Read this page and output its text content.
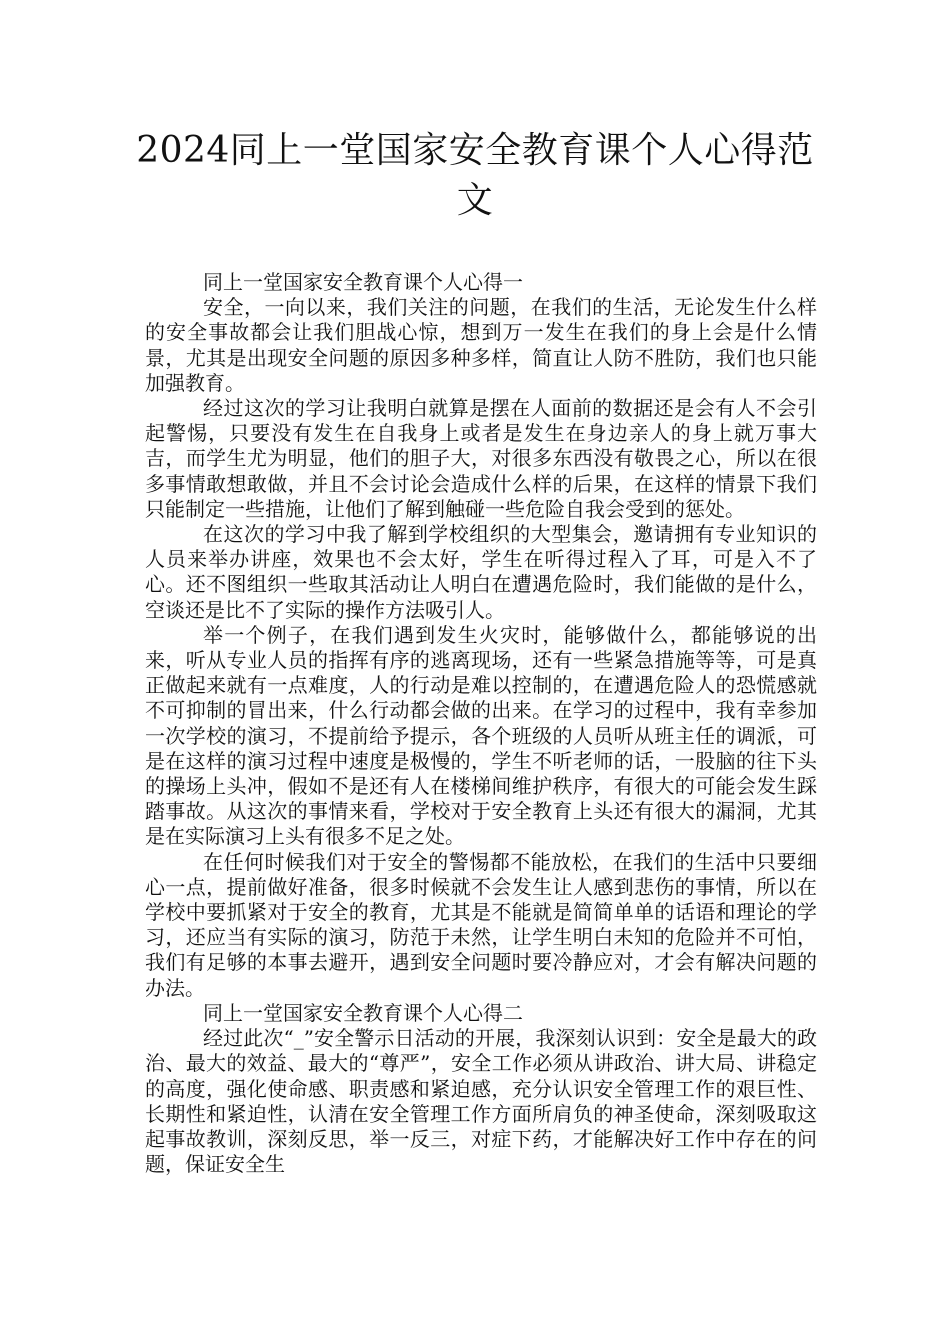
2024同上一堂国家安全教育课个人心得范文

同上一堂国家安全教育课个人心得一

安全，一向以来，我们关注的问题，在我们的生活，无论发生什么样的安全事故都会让我们胆战心惊，想到万一发生在我们的身上会是什么情景，尤其是出现安全问题的原因多种多样，简直让人防不胜防，我们也只能加强教育。

经过这次的学习让我明白就算是摆在人面前的数据还是会有人不会引起警惕，只要没有发生在自我身上或者是发生在身边亲人的身上就万事大吉，而学生尤为明显，他们的胆子大，对很多东西没有敬畏之心，所以在很多事情敢想敢做，并且不会讨论会造成什么样的后果，在这样的情景下我们只能制定一些措施，让他们了解到触碰一些危险自我会受到的惩处。

在这次的学习中我了解到学校组织的大型集会，邀请拥有专业知识的人员来举办讲座，效果也不会太好，学生在听得过程入了耳，可是入不了心。还不图组织一些取其活动让人明白在遭遇危险时，我们能做的是什么，空谈还是比不了实际的操作方法吸引人。

举一个例子，在我们遇到发生火灾时，能够做什么，都能够说的出来，听从专业人员的指挥有序的逃离现场，还有一些紧急措施等等，可是真正做起来就有一点难度，人的行动是难以控制的，在遭遇危险人的恐慌感就不可抑制的冒出来，什么行动都会做的出来。在学习的过程中，我有幸参加一次学校的演习，不提前给予提示，各个班级的人员听从班主任的调派，可是在这样的演习过程中速度是极慢的，学生不听老师的话，一股脑的往下头的操场上头冲，假如不是还有人在楼梯间维护秩序，有很大的可能会发生踩踏事故。从这次的事情来看，学校对于安全教育上头还有很大的漏洞，尤其是在实际演习上头有很多不足之处。

在任何时候我们对于安全的警惕都不能放松，在我们的生活中只要细心一点，提前做好准备，很多时候就不会发生让人感到悲伤的事情，所以在学校中要抓紧对于安全的教育，尤其是不能就是简简单单的话语和理论的学习，还应当有实际的演习，防范于未然，让学生明白未知的危险并不可怕，我们有足够的本事去避开，遇到安全问题时要冷静应对，才会有解决问题的办法。

同上一堂国家安全教育课个人心得二

经过此次“_”安全警示日活动的开展，我深刻认识到：安全是最大的政治、最大的效益、最大的“尊严”，安全工作必须从讲政治、讲大局、讲稳定的高度，强化使命感、职责感和紧迫感，充分认识安全管理工作的艰巨性、长期性和紧迫性，认清在安全管理工作方面所肩负的神圣使命，深刻吸取这起事故教训，深刻反思，举一反三，对症下药，才能解决好工作中存在的问题，保证安全生
